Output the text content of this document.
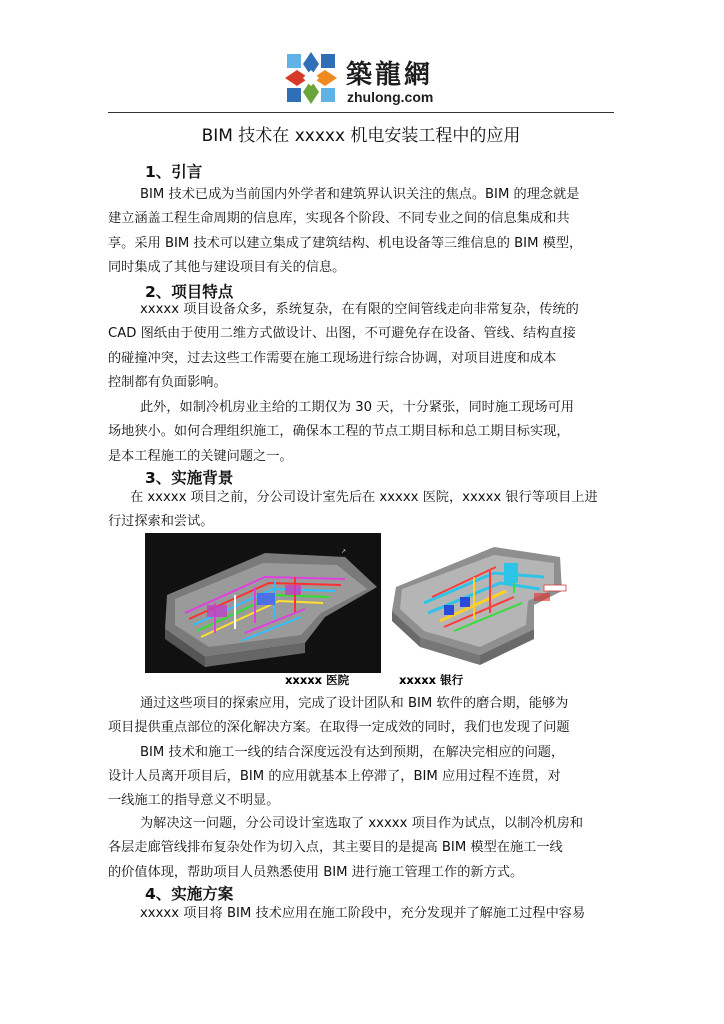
築龍網
zhulong.com
BIM 技术在 xxxxx 机电安装工程中的应用
1、引言
BIM 技术已成为当前国内外学者和建筑界认识关注的焦点。BIM 的理念就是
建立涵盖工程生命周期的信息库，实现各个阶段、不同专业之间的信息集成和共
享。采用 BIM 技术可以建立集成了建筑结构、机电设备等三维信息的 BIM 模型，
同时集成了其他与建设项目有关的信息。
2、项目特点
xxxxx 项目设备众多，系统复杂，在有限的空间管线走向非常复杂，传统的
CAD 图纸由于使用二维方式做设计、出图，不可避免存在设备、管线、结构直接
的碰撞冲突，过去这些工作需要在施工现场进行综合协调，对项目进度和成本
控制都有负面影响。
此外，如制冷机房业主给的工期仅为 30 天，十分紧张，同时施工现场可用
场地狭小。如何合理组织施工，确保本工程的节点工期目标和总工期目标实现，
是本工程施工的关键问题之一。
3、实施背景
在 xxxxx 项目之前，分公司设计室先后在 xxxxx 医院，xxxxx 银行等项目上进
行过探索和尝试。
↗
xxxxx 医院	xxxxx 银行
通过这些项目的探索应用，完成了设计团队和 BIM 软件的磨合期，能够为
项目提供重点部位的深化解决方案。在取得一定成效的同时，我们也发现了问题
BIM 技术和施工一线的结合深度远没有达到预期，在解决完相应的问题，
设计人员离开项目后，BIM 的应用就基本上停滞了，BIM 应用过程不连贯，对
一线施工的指导意义不明显。
为解决这一问题，分公司设计室选取了 xxxxx 项目作为试点，以制冷机房和
各层走廊管线排布复杂处作为切入点，其主要目的是提高 BIM 模型在施工一线
的价值体现，帮助项目人员熟悉使用 BIM 进行施工管理工作的新方式。
4、实施方案
xxxxx 项目将 BIM 技术应用在施工阶段中，充分发现并了解施工过程中容易
